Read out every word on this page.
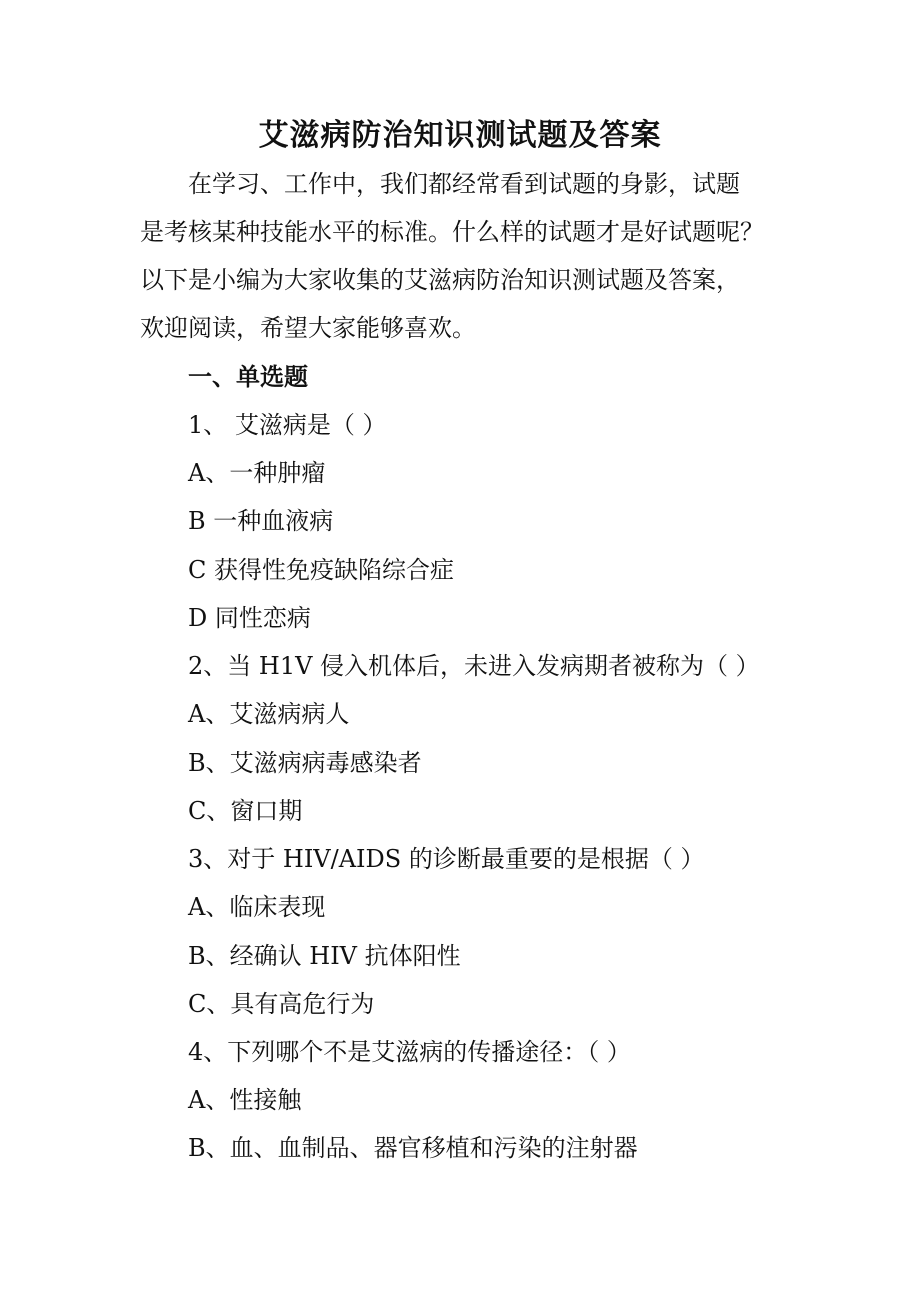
艾滋病防治知识测试题及答案
在学习、工作中，我们都经常看到试题的身影，试题
是考核某种技能水平的标准。什么样的试题才是好试题呢？
以下是小编为大家收集的艾滋病防治知识测试题及答案，
欢迎阅读，希望大家能够喜欢。
一、单选题
1、 艾滋病是（ ）
A、一种肿瘤
B 一种血液病
C 获得性免疫缺陷综合症
D 同性恋病
2、当 H1V 侵入机体后，未进入发病期者被称为（ ）
A、艾滋病病人
B、艾滋病病毒感染者
C、窗口期
3、对于 HIV/AIDS 的诊断最重要的是根据（ ）
A、临床表现
B、经确认 HIV 抗体阳性
C、具有高危行为
4、下列哪个不是艾滋病的传播途径：（ ）
A、性接触
B、血、血制品、器官移植和污染的注射器
